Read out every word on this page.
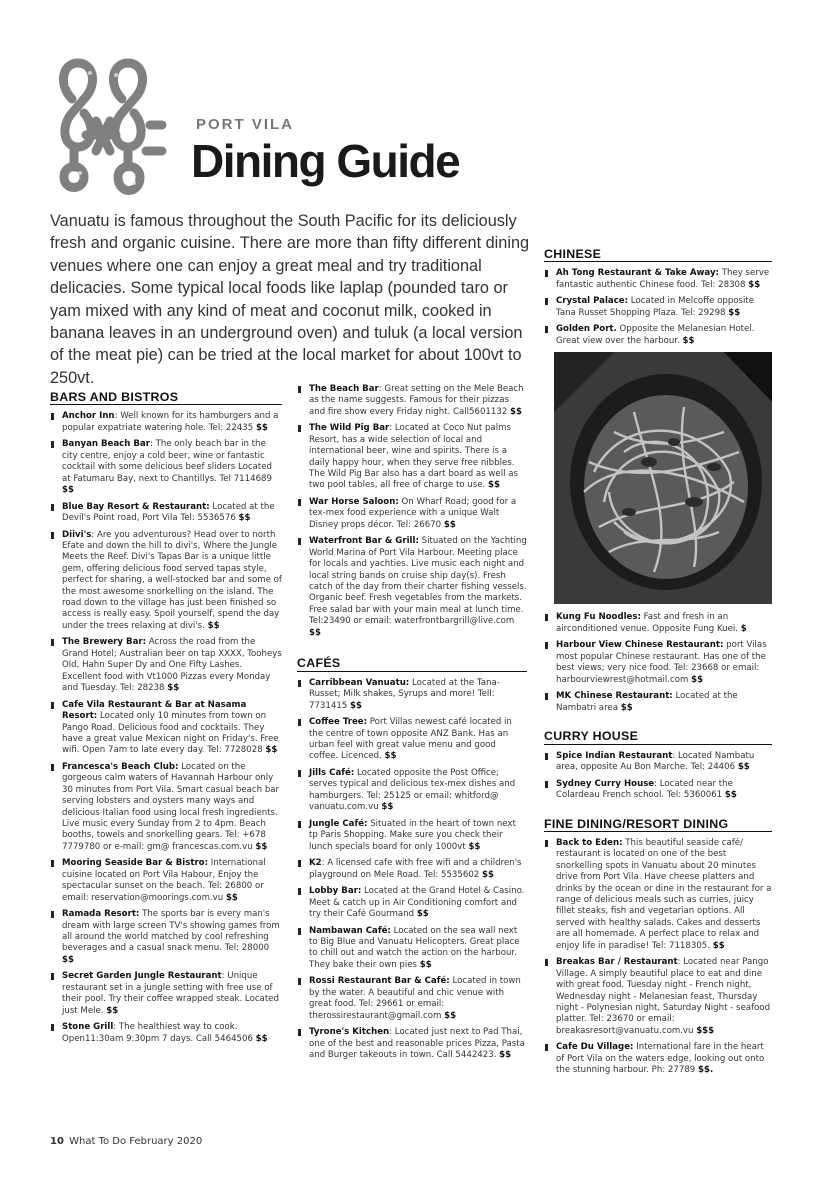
PORT VILA
Dining Guide

Vanuatu is famous throughout the South Pacific for its deliciously fresh and organic cuisine. There are more than fifty different dining venues where one can enjoy a great meal and try traditional delicacies. Some typical local foods like laplap (pounded taro or yam mixed with any kind of meat and coconut milk, cooked in banana leaves in an underground oven) and tuluk (a local version of the meat pie) can be tried at the local market for about 100vt to 250vt.

BARS AND BISTROS
Anchor Inn: Well known for its hamburgers and a popular expatriate watering hole. Tel: 22435 $$
Banyan Beach Bar: The only beach bar in the city centre, enjoy a cold beer, wine or fantastic cocktail with some delicious beef sliders Located at Fatumaru Bay, next to Chantillys. Tel 7114689 $$
Blue Bay Resort & Restaurant: Located at the Devil's Point road, Port Vila Tel: 5536576 $$
Diivi's: Are you adventurous? Head over to north Efate and down the hill to divi's, Where the Jungle Meets the Reef. Divi's Tapas Bar is a unique little gem, offering delicious food served tapas style, perfect for sharing, a well-stocked bar and some of the most awesome snorkelling on the island. The road down to the village has just been finished so access is really easy. Spoil yourself, spend the day under the trees relaxing at divi's. $$
The Brewery Bar: Across the road from the Grand Hotel; Australian beer on tap XXXX, Tooheys Old, Hahn Super Dy and One Fifty Lashes. Excellent food with Vt1000 Pizzas every Monday and Tuesday. Tel: 28238 $$
Cafe Vila Restaurant & Bar at Nasama Resort: Located only 10 minutes from town on Pango Road. Delicious food and cocktails. They have a great value Mexican night on Friday's. Free wifi. Open 7am to late every day. Tel: 7728028 $$
Francesca's Beach Club: Located on the gorgeous calm waters of Havannah Harbour only 30 minutes from Port Vila. Smart casual beach bar serving lobsters and oysters many ways and delicious Italian food using local fresh ingredients. Live music every Sunday from 2 to 4pm. Beach booths, towels and snorkelling gears. Tel: +678 7779780 or e-mail: gm@ francescas.com.vu $$
Mooring Seaside Bar & Bistro: International cuisine located on Port Vila Habour, Enjoy the spectacular sunset on the beach. Tel: 26800 or email: reservation@moorings.com.vu $$
Ramada Resort: The sports bar is every man's dream with large screen TV's showing games from all around the world matched by cool refreshing beverages and a casual snack menu. Tel: 28000 $$
Secret Garden Jungle Restaurant: Unique restaurant set in a jungle setting with free use of their pool. Try their coffee wrapped steak. Located just Mele. $$
Stone Grill: The healthiest way to cook. Open11:30am 9:30pm 7 days. Call 5464506 $$
The Beach Bar: Great setting on the Mele Beach as the name suggests. Famous for their pizzas and fire show every Friday night. Call5601132 $$
The Wild Pig Bar: Located at Coco Nut palms Resort, has a wide selection of local and international beer, wine and spirits. There is a daily happy hour, when they serve free nibbles. The Wild Pig Bar also has a dart board as well as two pool tables, all free of charge to use. $$
War Horse Saloon: On Wharf Road; good for a tex-mex food experience with a unique Walt Disney props décor. Tel: 26670 $$
Waterfront Bar & Grill: Situated on the Yachting World Marina of Port Vila Harbour. Meeting place for locals and yachties. Live music each night and local string bands on cruise ship day(s). Fresh catch of the day from their charter fishing vessels. Organic beef. Fresh vegetables from the markets. Free salad bar with your main meal at lunch time. Tel:23490 or email: waterfrontbargrill@live.com $$
CAFÉS
Carribbean Vanuatu: Located at the Tana-Russet; Milk shakes, Syrups and more! Tell: 7731415 $$
Coffee Tree: Port Villas newest café located in the centre of town opposite ANZ Bank. Has an urban feel with great value menu and good coffee. Licenced. $$
Jills Café: Located opposite the Post Office; serves typical and delicious tex-mex dishes and hamburgers. Tel: 25125 or email: whitford@ vanuatu.com.vu $$
Jungle Café: Situated in the heart of town next tp Paris Shopping. Make sure you check their lunch specials board for only 1000vt $$
K2: A licensed cafe with free wifi and a children's playground on Mele Road. Tel: 5535602 $$
Lobby Bar: Located at the Grand Hotel & Casino. Meet & catch up in Air Conditioning comfort and try their Café Gourmand $$
Nambawan Café: Located on the sea wall next to Big Blue and Vanuatu Helicopters. Great place to chill out and watch the action on the harbour. They bake their own pies $$
Rossi Restaurant Bar & Café: Located in town by the water. A beautiful and chic venue with great food. Tel: 29661 or email: therossirestaurant@gmail.com $$
Tyrone's Kitchen: Located just next to Pad Thai, one of the best and reasonable prices Pizza, Pasta and Burger takeouts in town. Call 5442423. $$
CHINESE
Ah Tong Restaurant & Take Away: They serve fantastic authentic Chinese food. Tel: 28308 $$
Crystal Palace: Located in Melcoffe opposite Tana Russet Shopping Plaza. Tel: 29298 $$
Golden Port. Opposite the Melanesian Hotel. Great view over the harbour. $$
Kung Fu Noodles: Fast and fresh in an airconditioned venue. Opposite Fung Kuei. $
Harbour View Chinese Restaurant: port Vilas most popular Chinese restaurant. Has one of the best views; very nice food. Tel: 23668 or email: harbourviewrest@hotmail.com $$
MK Chinese Restaurant: Located at the Nambatri area $$
CURRY HOUSE
Spice Indian Restaurant: Located Nambatu area, opposite Au Bon Marche. Tel: 24406 $$
Sydney Curry House: Located near the Colardeau French school. Tel: 5360061 $$
FINE DINING/RESORT DINING
Back to Eden: This beautiful seaside café/ restaurant is located on one of the best snorkelling spots in Vanuatu about 20 minutes drive from Port Vila. Have cheese platters and drinks by the ocean or dine in the restaurant for a range of delicious meals such as curries, juicy fillet steaks, fish and vegetarian options. All served with healthy salads. Cakes and desserts are all homemade. A perfect place to relax and enjoy life in paradise! Tel: 7118305. $$
Breakas Bar / Restaurant: Located near Pango Village. A simply beautiful place to eat and dine with great food. Tuesday night - French night, Wednesday night - Melanesian feast, Thursday night - Polynesian night, Saturday Night - seafood platter. Tel: 23670 or email: breakasresort@vanuatu.com.vu $$$
Cafe Du Village: International fare in the heart of Port Vila on the waters edge, looking out onto the stunning harbour. Ph: 27789 $$.
10 What To Do February 2020
